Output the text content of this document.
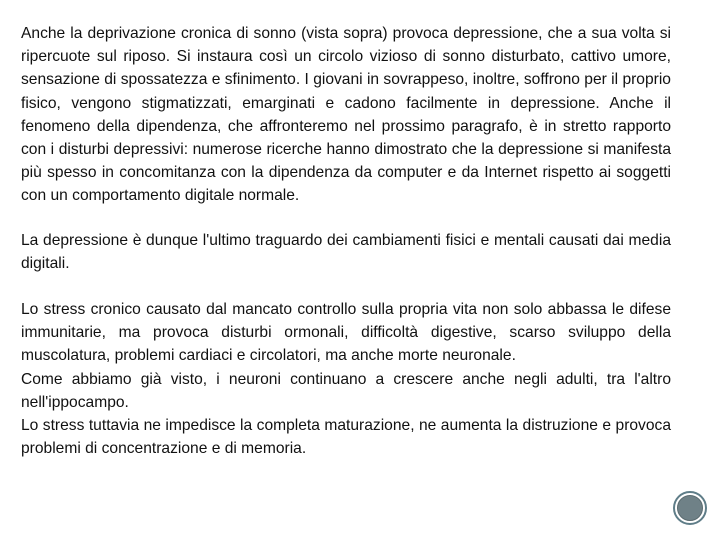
Anche la deprivazione cronica di sonno (vista sopra) provoca depressione, che a sua volta si ripercuote sul riposo. Si instaura così un circolo vizioso di sonno disturbato, cattivo umore, sensazione di spossatezza e sfinimento. I giovani in sovrappeso, inoltre, soffrono per il proprio fisico, vengono stigmatizzati, emarginati e cadono facilmente in depressione. Anche il fenomeno della dipendenza, che affronteremo nel prossimo paragrafo, è in stretto rapporto con i disturbi depressivi: numerose ricerche hanno dimostrato che la depressione si manifesta più spesso in concomitanza con la dipendenza da computer e da Internet rispetto ai soggetti con un comportamento digitale normale.

La depressione è dunque l'ultimo traguardo dei cambiamenti fisici e mentali causati dai media digitali.

Lo stress cronico causato dal mancato controllo sulla propria vita non solo abbassa le difese immunitarie, ma provoca disturbi ormonali, difficoltà digestive, scarso sviluppo della muscolatura, problemi cardiaci e circolatori, ma anche morte neuronale.

Come abbiamo già visto, i neuroni continuano a crescere anche negli adulti, tra l'altro nell'ippocampo.

Lo stress tuttavia ne impedisce la completa maturazione, ne aumenta la distruzione e provoca problemi di concentrazione e di memoria.
